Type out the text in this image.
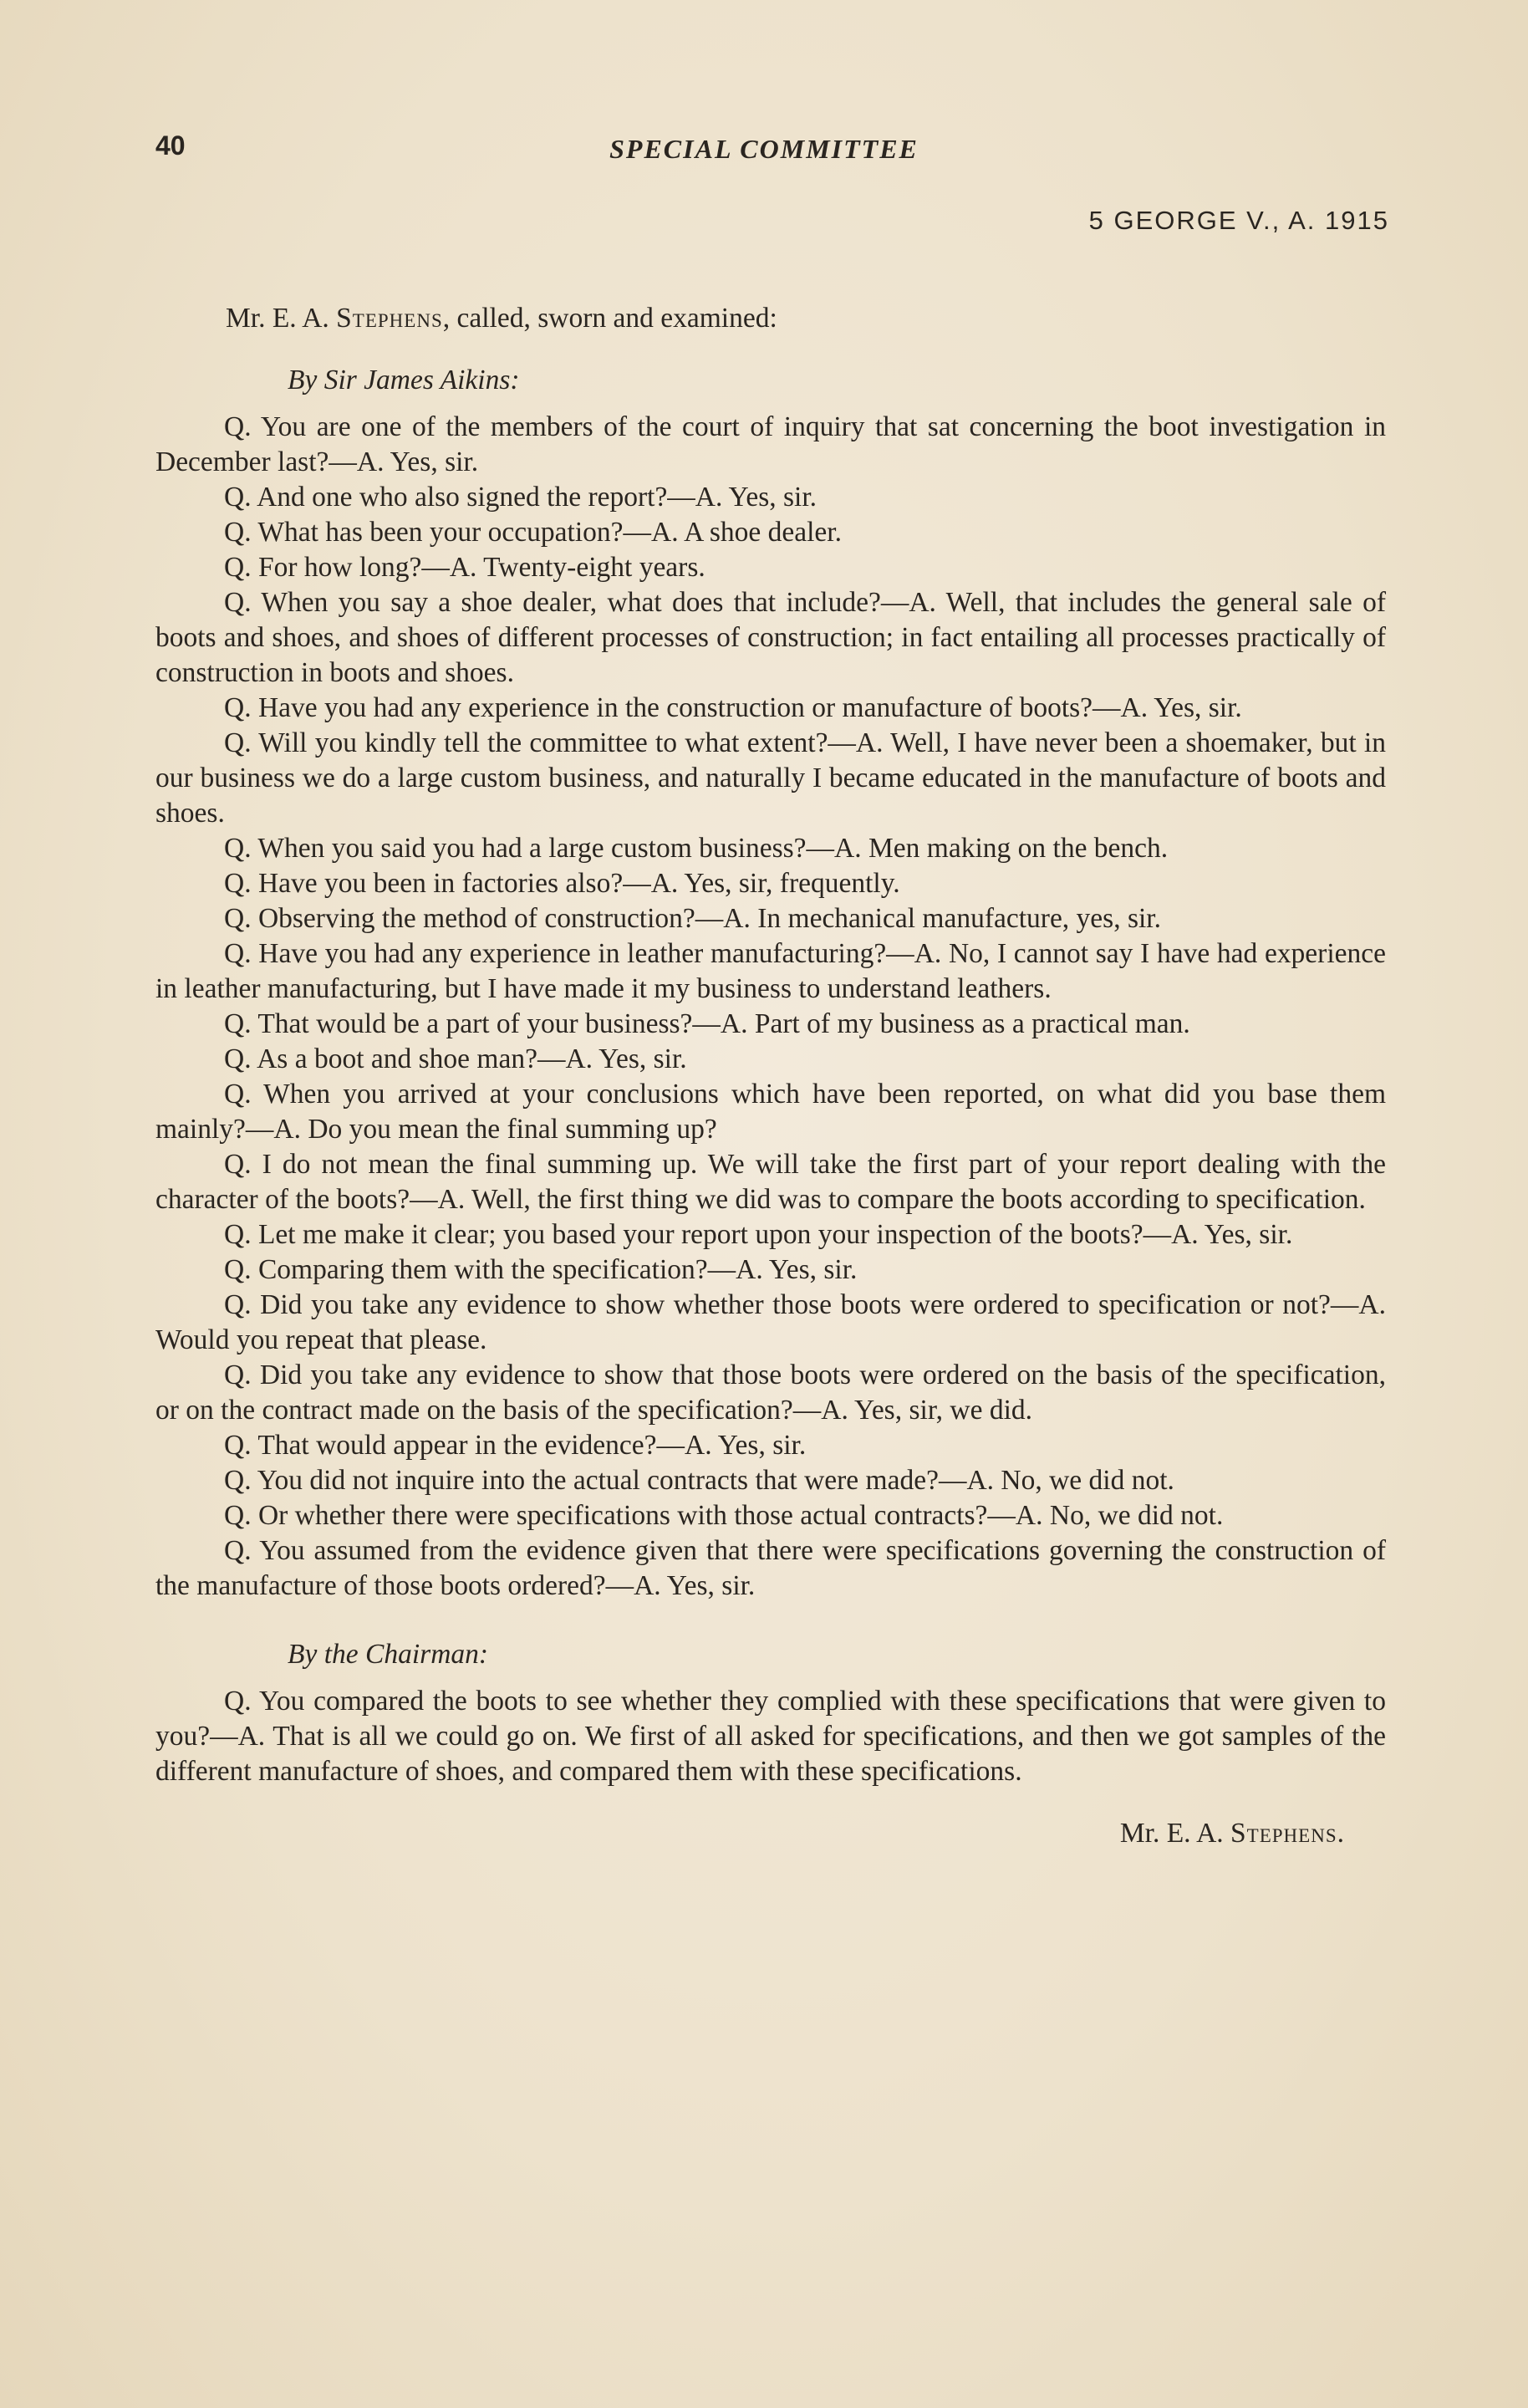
40	SPECIAL COMMITTEE

5 GEORGE V., A. 1915

Mr. E. A. Stephens, called, sworn and examined:

By Sir James Aikins:

Q. You are one of the members of the court of inquiry that sat concerning the boot investigation in December last?—A. Yes, sir.

Q. And one who also signed the report?—A. Yes, sir.

Q. What has been your occupation?—A. A shoe dealer.

Q. For how long?—A. Twenty-eight years.

Q. When you say a shoe dealer, what does that include?—A. Well, that includes the general sale of boots and shoes, and shoes of different processes of construction; in fact entailing all processes practically of construction in boots and shoes.

Q. Have you had any experience in the construction or manufacture of boots?—A. Yes, sir.

Q. Will you kindly tell the committee to what extent?—A. Well, I have never been a shoemaker, but in our business we do a large custom business, and naturally I became educated in the manufacture of boots and shoes.

Q. When you said you had a large custom business?—A. Men making on the bench.

Q. Have you been in factories also?—A. Yes, sir, frequently.

Q. Observing the method of construction?—A. In mechanical manufacture, yes, sir.

Q. Have you had any experience in leather manufacturing?—A. No, I cannot say I have had experience in leather manufacturing, but I have made it my business to understand leathers.

Q. That would be a part of your business?—A. Part of my business as a practical man.

Q. As a boot and shoe man?—A. Yes, sir.

Q. When you arrived at your conclusions which have been reported, on what did you base them mainly?—A. Do you mean the final summing up?

Q. I do not mean the final summing up. We will take the first part of your report dealing with the character of the boots?—A. Well, the first thing we did was to compare the boots according to specification.

Q. Let me make it clear; you based your report upon your inspection of the boots?—A. Yes, sir.

Q. Comparing them with the specification?—A. Yes, sir.

Q. Did you take any evidence to show whether those boots were ordered to specification or not?—A. Would you repeat that please.

Q. Did you take any evidence to show that those boots were ordered on the basis of the specification, or on the contract made on the basis of the specification?—A. Yes, sir, we did.

Q. That would appear in the evidence?—A. Yes, sir.

Q. You did not inquire into the actual contracts that were made?—A. No, we did not.

Q. Or whether there were specifications with those actual contracts?—A. No, we did not.

Q. You assumed from the evidence given that there were specifications governing the construction of the manufacture of those boots ordered?—A. Yes, sir.

By the Chairman:

Q. You compared the boots to see whether they complied with these specifications that were given to you?—A. That is all we could go on. We first of all asked for specifications, and then we got samples of the different manufacture of shoes, and compared them with these specifications.

Mr. E. A. Stephens.
